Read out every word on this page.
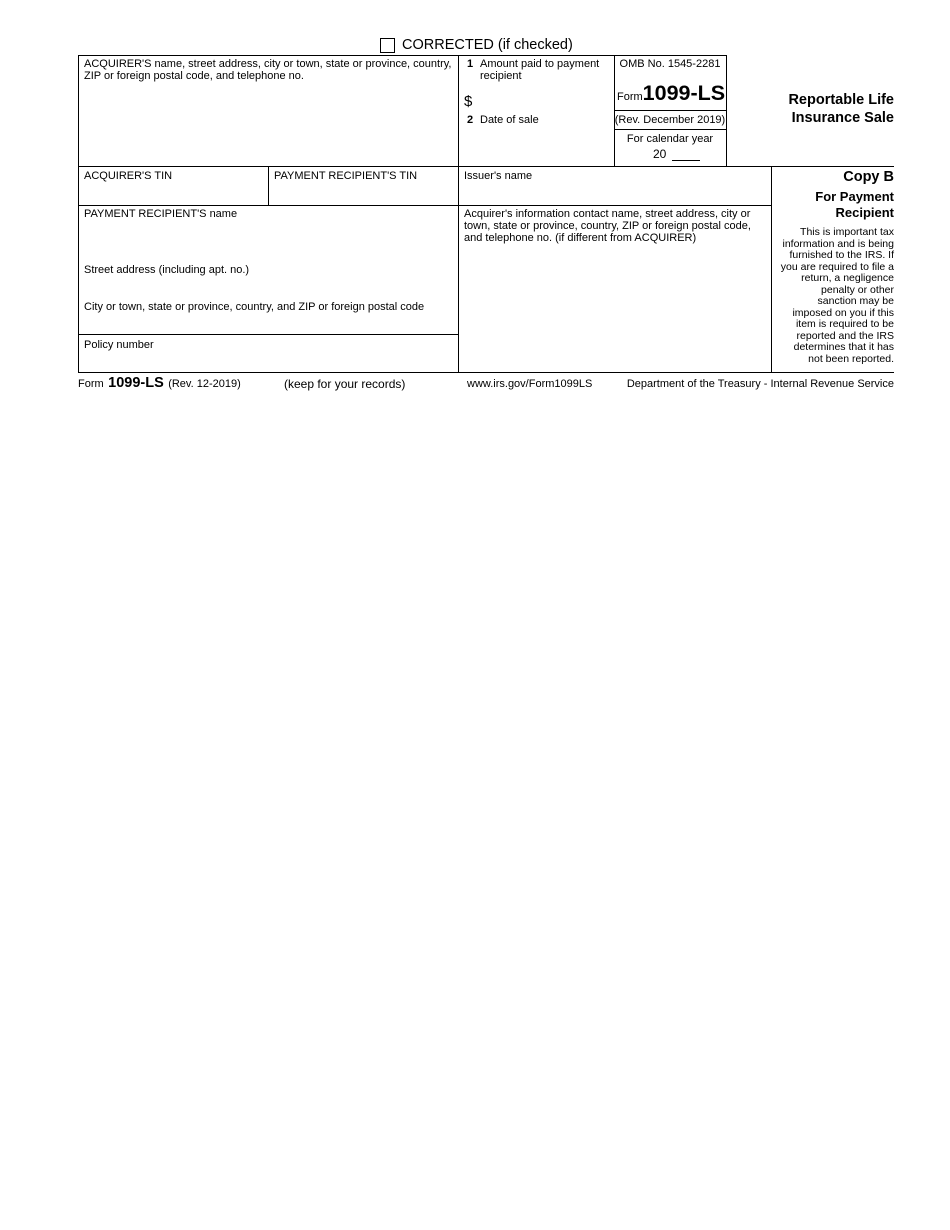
CORRECTED (if checked)
ACQUIRER'S name, street address, city or town, state or province, country, ZIP or foreign postal code, and telephone no.
1 Amount paid to payment recipient
$
2 Date of sale
OMB No. 1545-2281
Form1099-LS
(Rev. December 2019)
For calendar year
20
Reportable Life
Insurance Sale
ACQUIRER'S TIN	PAYMENT RECIPIENT'S TIN	Issuer's name	Copy B
For Payment
Recipient
This is important tax
information and is being
furnished to the IRS. If
you are required to file a
return, a negligence
penalty or other
sanction may be
imposed on you if this
item is required to be
reported and the IRS
determines that it has
not been reported.
PAYMENT RECIPIENT'S name
Street address (including apt. no.)
City or town, state or province, country, and ZIP or foreign postal code
Policy number
Acquirer's information contact name, street address, city or town, state or province, country, ZIP or foreign postal code, and telephone no. (if different from ACQUIRER)
Form 1099-LS (Rev. 12-2019)	(keep for your records)	www.irs.gov/Form1099LS	Department of the Treasury - Internal Revenue Service
